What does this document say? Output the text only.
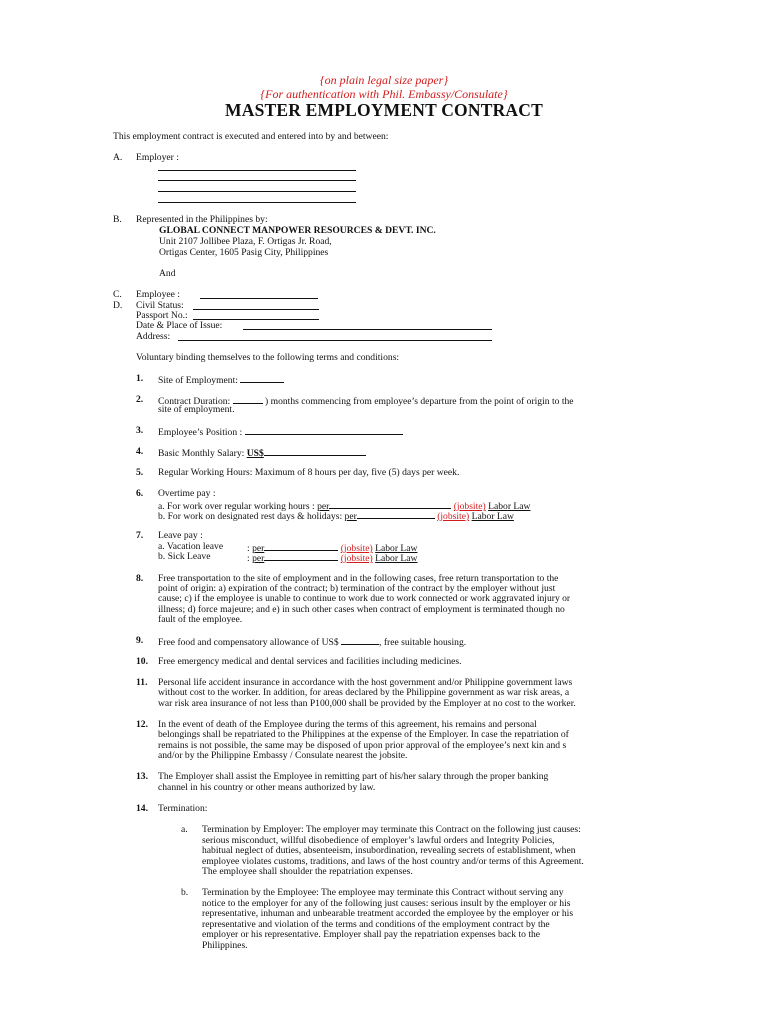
{on plain legal size paper}
{For authentication with Phil. Embassy/Consulate}
MASTER EMPLOYMENT CONTRACT
This employment contract is executed and entered into by and between:
A. Employer :
B. Represented in the Philippines by:
GLOBAL CONNECT MANPOWER RESOURCES & DEVT. INC.
Unit 2107 Jollibee Plaza, F. Ortigas Jr. Road,
Ortigas Center, 1605 Pasig City, Philippines
And
C. Employee :
D. Civil Status:
Passport No.:
Date & Place of Issue:
Address:
Voluntary binding themselves to the following terms and conditions:
1. Site of Employment:
2. Contract Duration:	) months commencing from employee’s departure from the point of origin to the
site of employment.
3. Employee’s Position :
4. Basic Monthly Salary: US$
5. Regular Working Hours: Maximum of 8 hours per day, five (5) days per week.
6. Overtime pay :
a. For work over regular working hours : per	(jobsite) Labor Law
b. For work on designated rest days & holidays: per	(jobsite) Labor Law
7. Leave pay :
a. Vacation leave : per	(jobsite) Labor Law
b. Sick Leave	: per	(jobsite) Labor Law
8. Free transportation to the site of employment and in the following cases, free return transportation to the
point of origin: a) expiration of the contract; b) termination of the contract by the employer without just
cause; c) if the employee is unable to continue to work due to work connected or work aggravated injury or
illness; d) force majeure; and e) in such other cases when contract of employment is terminated though no
fault of the employee.
9. Free food and compensatory allowance of US$	, free suitable housing.
10. Free emergency medical and dental services and facilities including medicines.
11. Personal life accident insurance in accordance with the host government and/or Philippine government laws
without cost to the worker. In addition, for areas declared by the Philippine government as war risk areas, a
war risk area insurance of not less than P100,000 shall be provided by the Employer at no cost to the worker.
12. In the event of death of the Employee during the terms of this agreement, his remains and personal
belongings shall be repatriated to the Philippines at the expense of the Employer. In case the repatriation of
remains is not possible, the same may be disposed of upon prior approval of the employee’s next kin and s
and/or by the Philippine Embassy / Consulate nearest the jobsite.
13. The Employer shall assist the Employee in remitting part of his/her salary through the proper banking
channel in his country or other means authorized by law.
14. Termination:
a. Termination by Employer: The employer may terminate this Contract on the following just causes:
serious misconduct, willful disobedience of employer’s lawful orders and Integrity Policies,
habitual neglect of duties, absenteeism, insubordination, revealing secrets of establishment, when
employee violates customs, traditions, and laws of the host country and/or terms of this Agreement.
The employee shall shoulder the repatriation expenses.
b. Termination by the Employee: The employee may terminate this Contract without serving any
notice to the employer for any of the following just causes: serious insult by the employer or his
representative, inhuman and unbearable treatment accorded the employee by the employer or his
representative and violation of the terms and conditions of the employment contract by the
employer or his representative. Employer shall pay the repatriation expenses back to the
Philippines.
